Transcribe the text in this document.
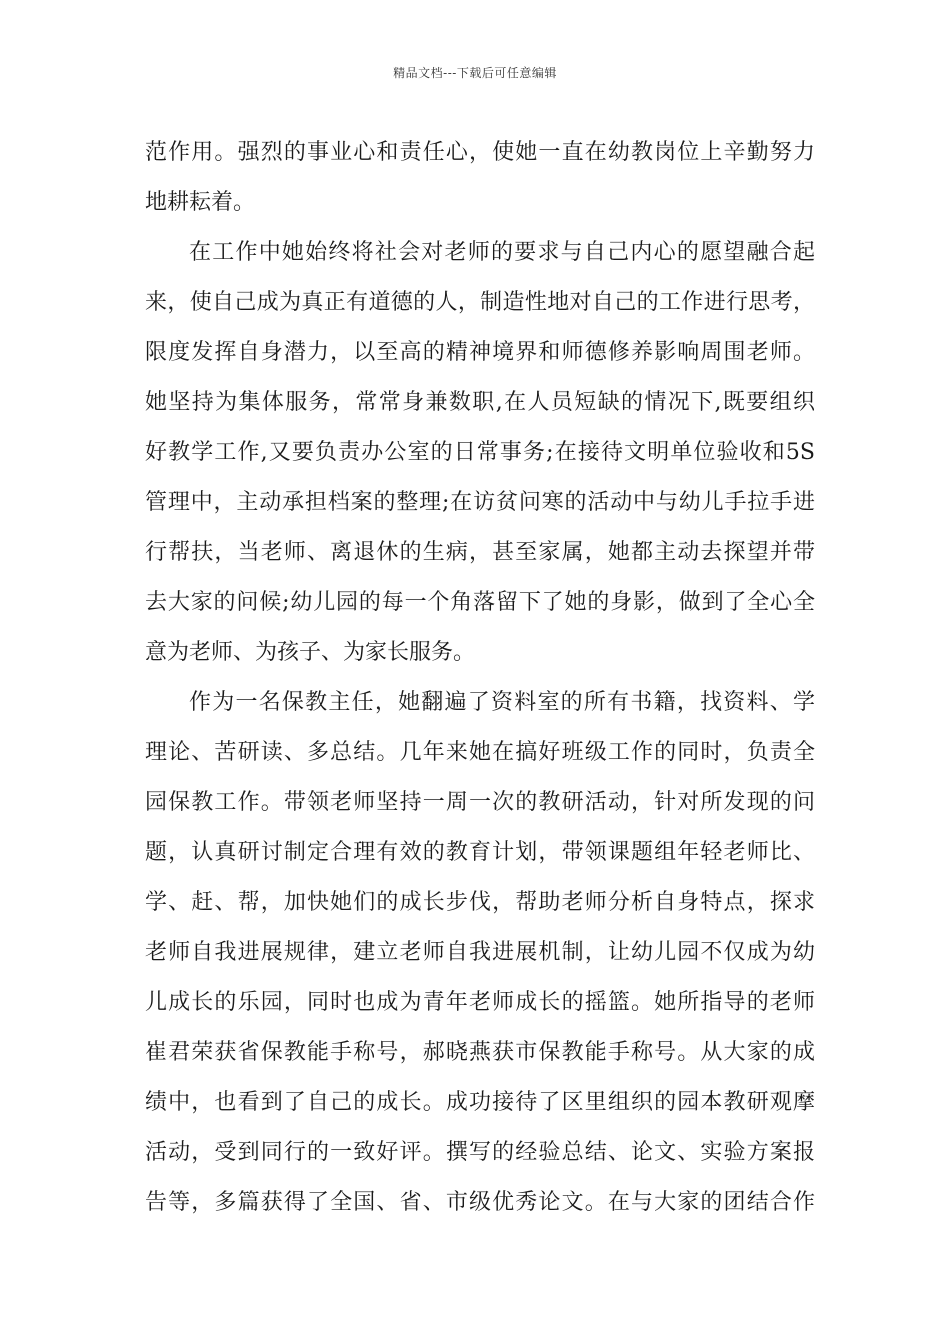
精品文档---下载后可任意编辑
范作用。强烈的事业心和责任心，使她一直在幼教岗位上辛勤努力
地耕耘着。
在工作中她始终将社会对老师的要求与自己内心的愿望融合起
来，使自己成为真正有道德的人，制造性地对自己的工作进行思考，
限度发挥自身潜力，以至高的精神境界和师德修养影响周围老师。
她坚持为集体服务，常常身兼数职,在人员短缺的情况下,既要组织
好教学工作,又要负责办公室的日常事务;在接待文明单位验收和5S
管理中，主动承担档案的整理;在访贫问寒的活动中与幼儿手拉手进
行帮扶，当老师、离退休的生病，甚至家属，她都主动去探望并带
去大家的问候;幼儿园的每一个角落留下了她的身影，做到了全心全
意为老师、为孩子、为家长服务。
作为一名保教主任，她翻遍了资料室的所有书籍，找资料、学
理论、苦研读、多总结。几年来她在搞好班级工作的同时，负责全
园保教工作。带领老师坚持一周一次的教研活动，针对所发现的问
题，认真研讨制定合理有效的教育计划，带领课题组年轻老师比、
学、赶、帮，加快她们的成长步伐，帮助老师分析自身特点，探求
老师自我进展规律，建立老师自我进展机制，让幼儿园不仅成为幼
儿成长的乐园，同时也成为青年老师成长的摇篮。她所指导的老师
崔君荣获省保教能手称号，郝晓燕获市保教能手称号。从大家的成
绩中，也看到了自己的成长。成功接待了区里组织的园本教研观摩
活动，受到同行的一致好评。撰写的经验总结、论文、实验方案报
告等，多篇获得了全国、省、市级优秀论文。在与大家的团结合作
